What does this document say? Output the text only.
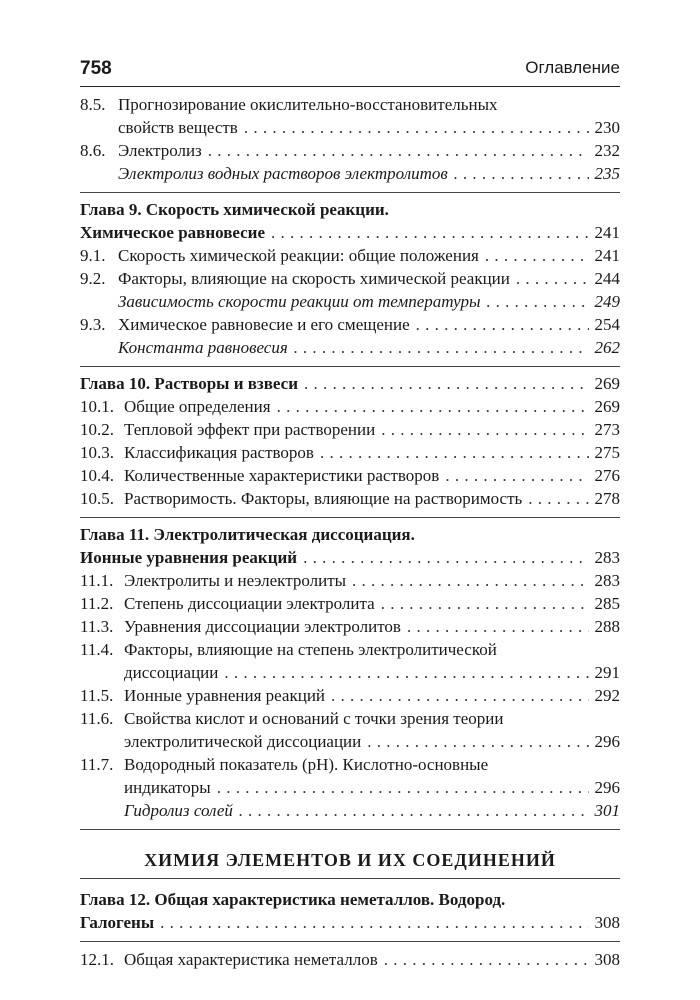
758	Оглавление
8.5. Прогнозирование окислительно-восстановительных
свойств веществ . . .	230
8.6. Электролиз . . .	232
Электролиз водных растворов электролитов . . .	235
Глава 9. Скорость химической реакции.
Химическое равновесие . . .	241
9.1. Скорость химической реакции: общие положения . . .	241
9.2. Факторы, влияющие на скорость химической реакции . . .	244
Зависимость скорости реакции от температуры . . .	249
9.3. Химическое равновесие и его смещение . . .	254
Константа равновесия . . .	262
Глава 10. Растворы и взвеси . . .	269
10.1. Общие определения . . .	269
10.2. Тепловой эффект при растворении . . .	273
10.3. Классификация растворов . . .	275
10.4. Количественные характеристики растворов . . .	276
10.5. Растворимость. Факторы, влияющие на растворимость . . .	278
Глава 11. Электролитическая диссоциация.
Ионные уравнения реакций . . .	283
11.1. Электролиты и неэлектролиты . . .	283
11.2. Степень диссоциации электролита . . .	285
11.3. Уравнения диссоциации электролитов . . .	288
11.4. Факторы, влияющие на степень электролитической
диссоциации . . .	291
11.5. Ионные уравнения реакций . . .	292
11.6. Свойства кислот и оснований с точки зрения теории
электролитической диссоциации . . .	296
11.7. Водородный показатель (рН). Кислотно-основные
индикаторы . . .	296
Гидролиз солей . . .	301
ХИМИЯ ЭЛЕМЕНТОВ И ИХ СОЕДИНЕНИЙ
Глава 12. Общая характеристика неметаллов. Водород.
Галогены . . .	308
12.1. Общая характеристика неметаллов . . .	308
